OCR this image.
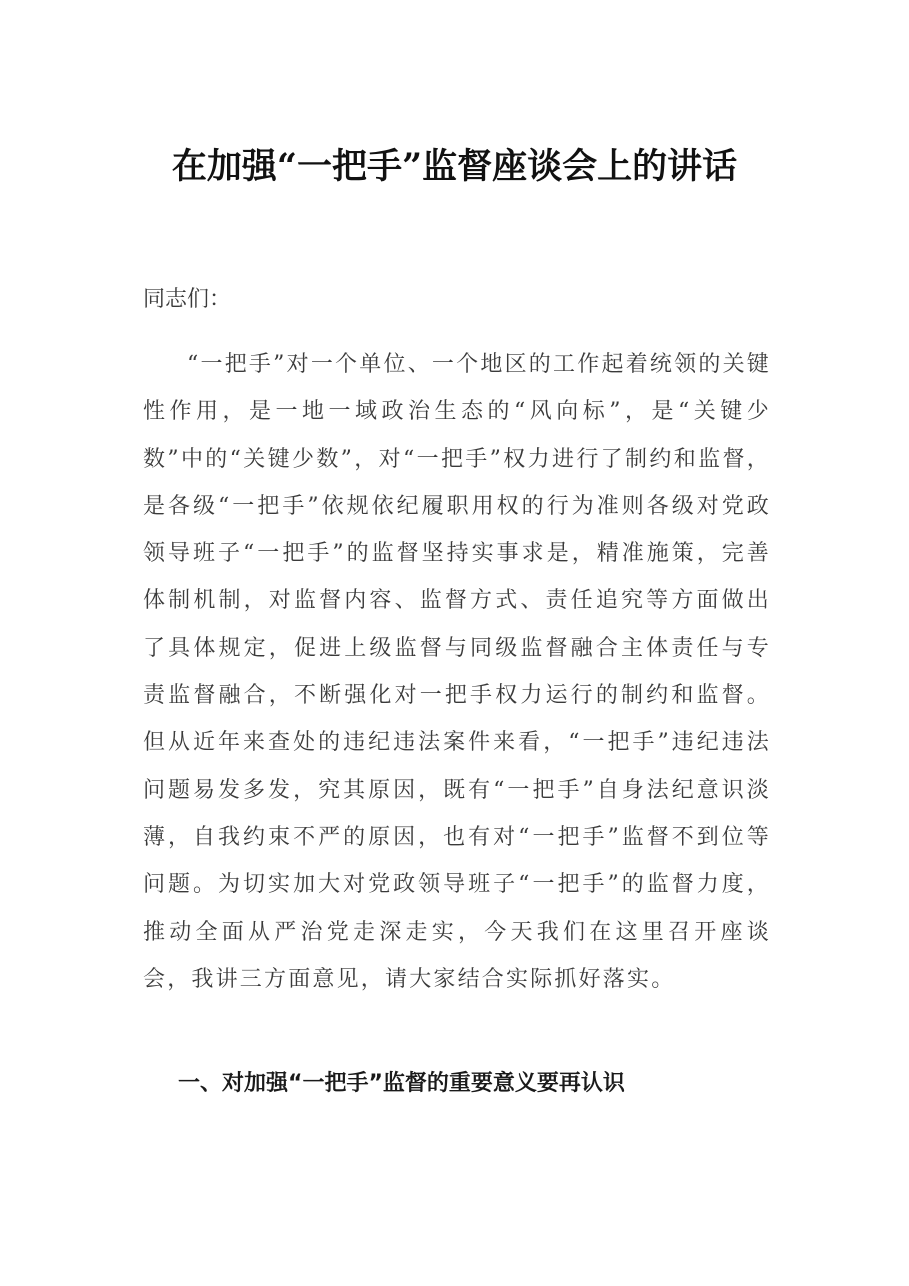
在加强“一把手”监督座谈会上的讲话
同志们：
“一把手”对一个单位、一个地区的工作起着统领的关键性作用，是一地一域政治生态的“风向标”，是“关键少数”中的“关键少数”，对“一把手”权力进行了制约和监督，是各级“一把手”依规依纪履职用权的行为准则各级对党政领导班子“一把手”的监督坚持实事求是，精准施策，完善体制机制，对监督内容、监督方式、责任追究等方面做出了具体规定，促进上级监督与同级监督融合主体责任与专责监督融合，不断强化对一把手权力运行的制约和监督。但从近年来查处的违纪违法案件来看，“一把手”违纪违法问题易发多发，究其原因，既有“一把手”自身法纪意识淡薄，自我约束不严的原因，也有对“一把手”监督不到位等问题。为切实加大对党政领导班子“一把手”的监督力度，推动全面从严治党走深走实，今天我们在这里召开座谈会，我讲三方面意见，请大家结合实际抓好落实。
一、对加强“一把手”监督的重要意义要再认识
